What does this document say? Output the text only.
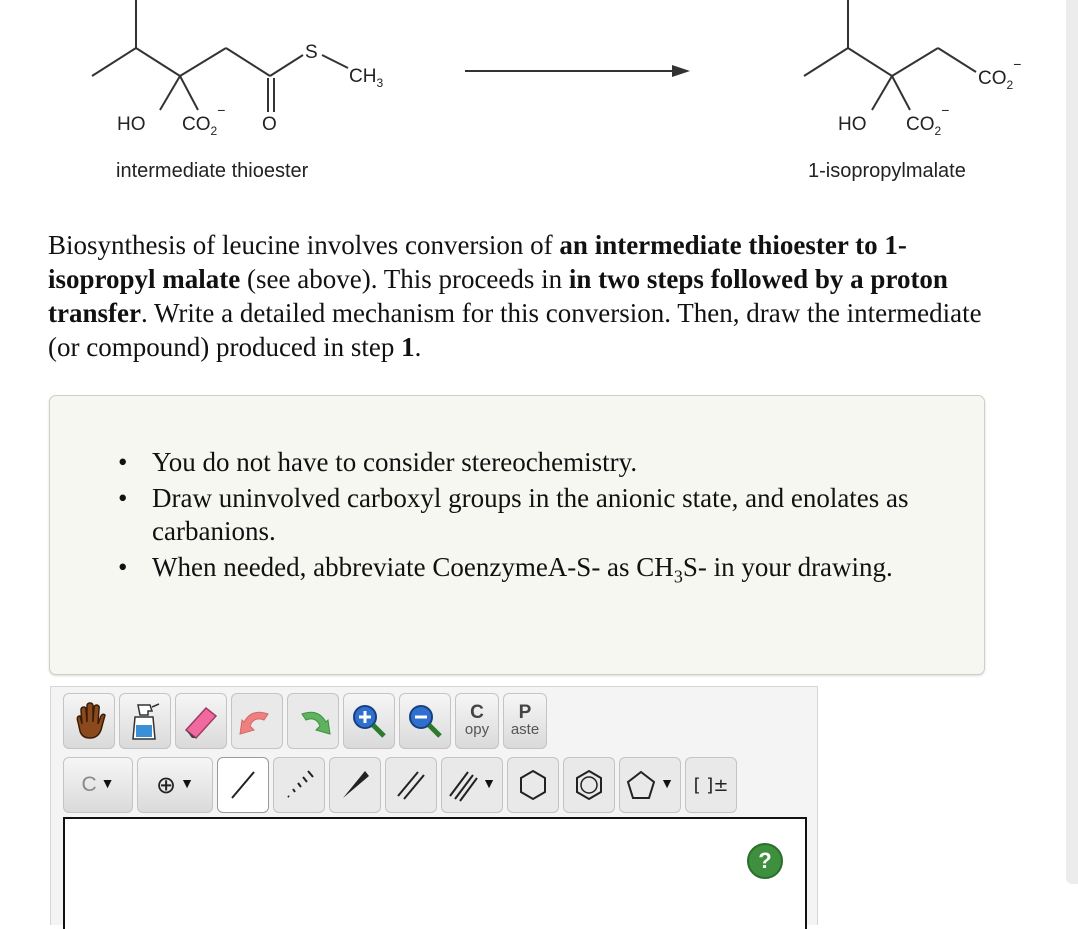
HO $CO_2^-$
O
S
$CH_3$
HO $CO_2^-$
$CO_2^-$
intermediate thioester	1-isopropylmalate

Biosynthesis of leucine involves conversion of an intermediate thioester to 1-isopropyl malate (see above). This proceeds in in two steps followed by a proton transfer. Write a detailed mechanism for this conversion. Then, draw the intermediate (or compound) produced in step 1.

• You do not have to consider stereochemistry.
• Draw uninvolved carboxyl groups in the anionic state, and enolates as carbanions.
• When needed, abbreviate CoenzymeA-S- as $CH_3S-$ in your drawing.
C
opy
P
aste
C ▼ ⊕ ▼	▼	▼ [ ]±
?
